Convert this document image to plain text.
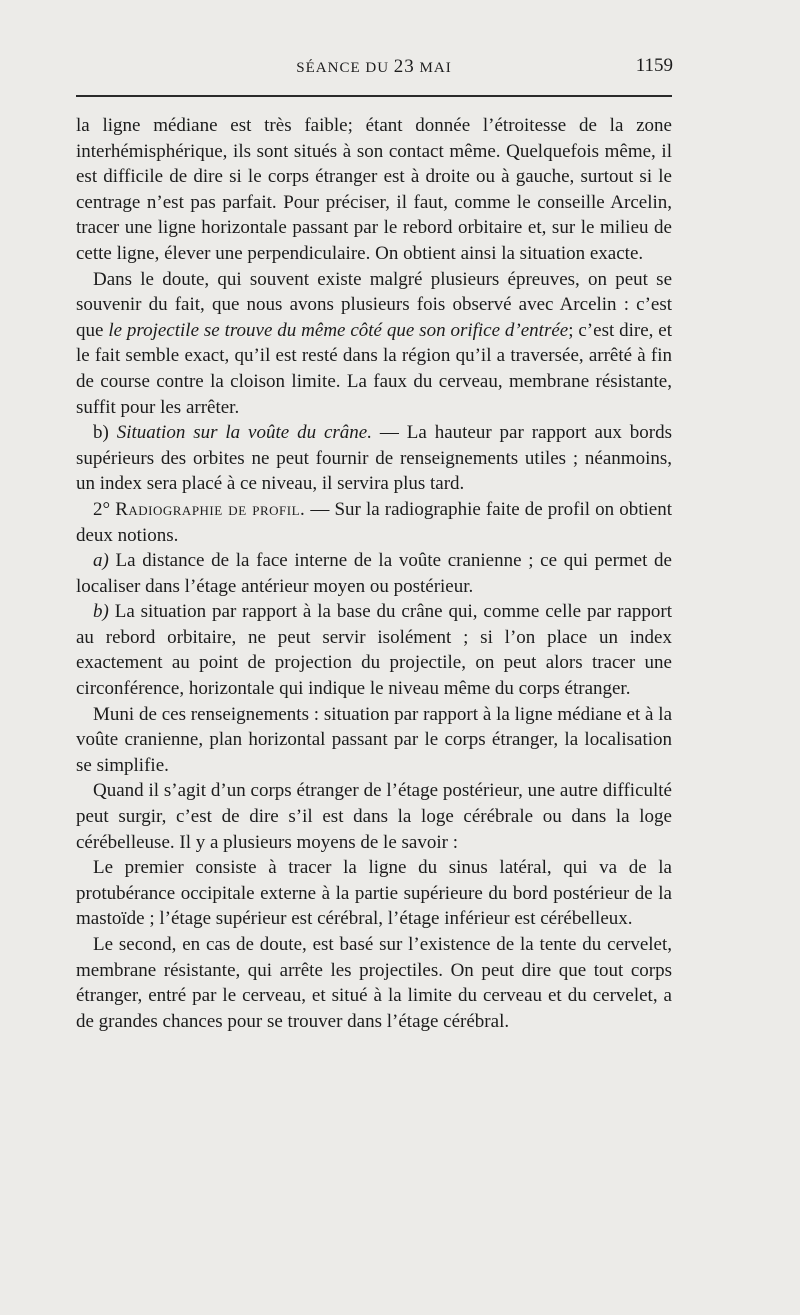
SÉANCE DU 23 MAI	1159

la ligne médiane est très faible; étant donnée l’étroitesse de la zone interhémisphérique, ils sont situés à son contact même. Quelquefois même, il est difficile de dire si le corps étranger est à droite ou à gauche, surtout si le centrage n’est pas parfait. Pour préciser, il faut, comme le conseille Arcelin, tracer une ligne horizontale passant par le rebord orbitaire et, sur le milieu de cette ligne, élever une perpendiculaire. On obtient ainsi la situation exacte.

Dans le doute, qui souvent existe malgré plusieurs épreuves, on peut se souvenir du fait, que nous avons plusieurs fois observé avec Arcelin : c’est que le projectile se trouve du même côté que son orifice d’entrée; c’est dire, et le fait semble exact, qu’il est resté dans la région qu’il a traversée, arrêté à fin de course contre la cloison limite. La faux du cerveau, membrane résistante, suffit pour les arrêter.

b) Situation sur la voûte du crâne. — La hauteur par rapport aux bords supérieurs des orbites ne peut fournir de renseignements utiles ; néanmoins, un index sera placé à ce niveau, il servira plus tard.

2° Radiographie de profil. — Sur la radiographie faite de profil on obtient deux notions.

a) La distance de la face interne de la voûte cranienne ; ce qui permet de localiser dans l’étage antérieur moyen ou postérieur.

b) La situation par rapport à la base du crâne qui, comme celle par rapport au rebord orbitaire, ne peut servir isolément ; si l’on place un index exactement au point de projection du projectile, on peut alors tracer une circonférence, horizontale qui indique le niveau même du corps étranger.

Muni de ces renseignements : situation par rapport à la ligne médiane et à la voûte cranienne, plan horizontal passant par le corps étranger, la localisation se simplifie.

Quand il s’agit d’un corps étranger de l’étage postérieur, une autre difficulté peut surgir, c’est de dire s’il est dans la loge cérébrale ou dans la loge cérébelleuse. Il y a plusieurs moyens de le savoir :

Le premier consiste à tracer la ligne du sinus latéral, qui va de la protubérance occipitale externe à la partie supérieure du bord postérieur de la mastoïde ; l’étage supérieur est cérébral, l’étage inférieur est cérébelleux.

Le second, en cas de doute, est basé sur l’existence de la tente du cervelet, membrane résistante, qui arrête les projectiles. On peut dire que tout corps étranger, entré par le cerveau, et situé à la limite du cerveau et du cervelet, a de grandes chances pour se trouver dans l’étage cérébral.
